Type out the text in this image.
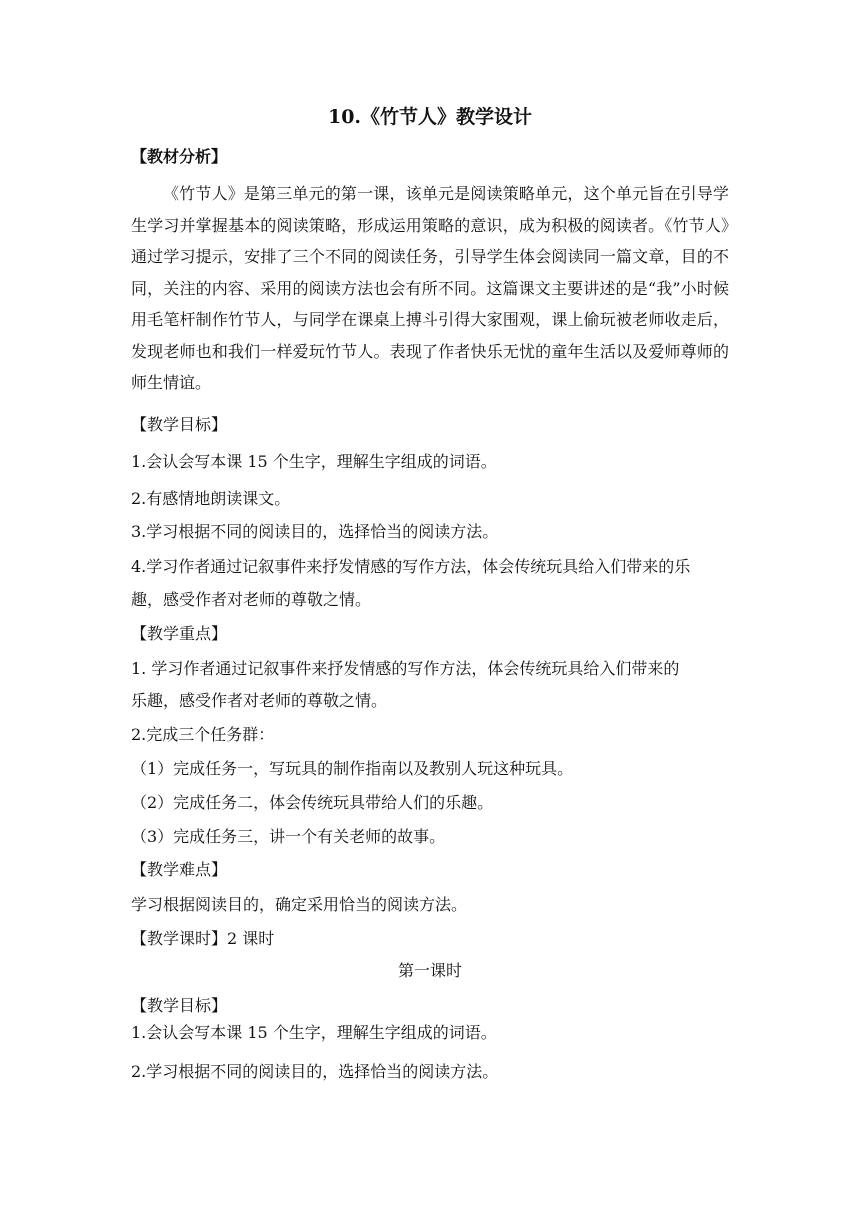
10.《竹节人》教学设计
【教材分析】
《竹节人》是第三单元的第一课，该单元是阅读策略单元，这个单元旨在引导学生学习并掌握基本的阅读策略，形成运用策略的意识，成为积极的阅读者。《竹节人》通过学习提示，安排了三个不同的阅读任务，引导学生体会阅读同一篇文章，目的不同，关注的内容、采用的阅读方法也会有所不同。这篇课文主要讲述的是“我”小时候用毛笔杆制作竹节人，与同学在课桌上搏斗引得大家围观，课上偷玩被老师收走后，发现老师也和我们一样爱玩竹节人。表现了作者快乐无忧的童年生活以及爱师尊师的师生情谊。
【教学目标】
1.会认会写本课 15 个生字，理解生字组成的词语。
2.有感情地朗读课文。
3.学习根据不同的阅读目的，选择恰当的阅读方法。
4.学习作者通过记叙事件来抒发情感的写作方法，体会传统玩具给入们带来的乐
趣，感受作者对老师的尊敬之情。
【教学重点】
1. 学习作者通过记叙事件来抒发情感的写作方法，体会传统玩具给入们带来的
乐趣，感受作者对老师的尊敬之情。
2.完成三个任务群：
（1）完成任务一，写玩具的制作指南以及教别人玩这种玩具。
（2）完成任务二，体会传统玩具带给人们的乐趣。
（3）完成任务三，讲一个有关老师的故事。
【教学难点】
学习根据阅读目的，确定采用恰当的阅读方法。
【教学课时】2 课时
第一课时
【教学目标】
1.会认会写本课 15 个生字，理解生字组成的词语。
2.学习根据不同的阅读目的，选择恰当的阅读方法。
